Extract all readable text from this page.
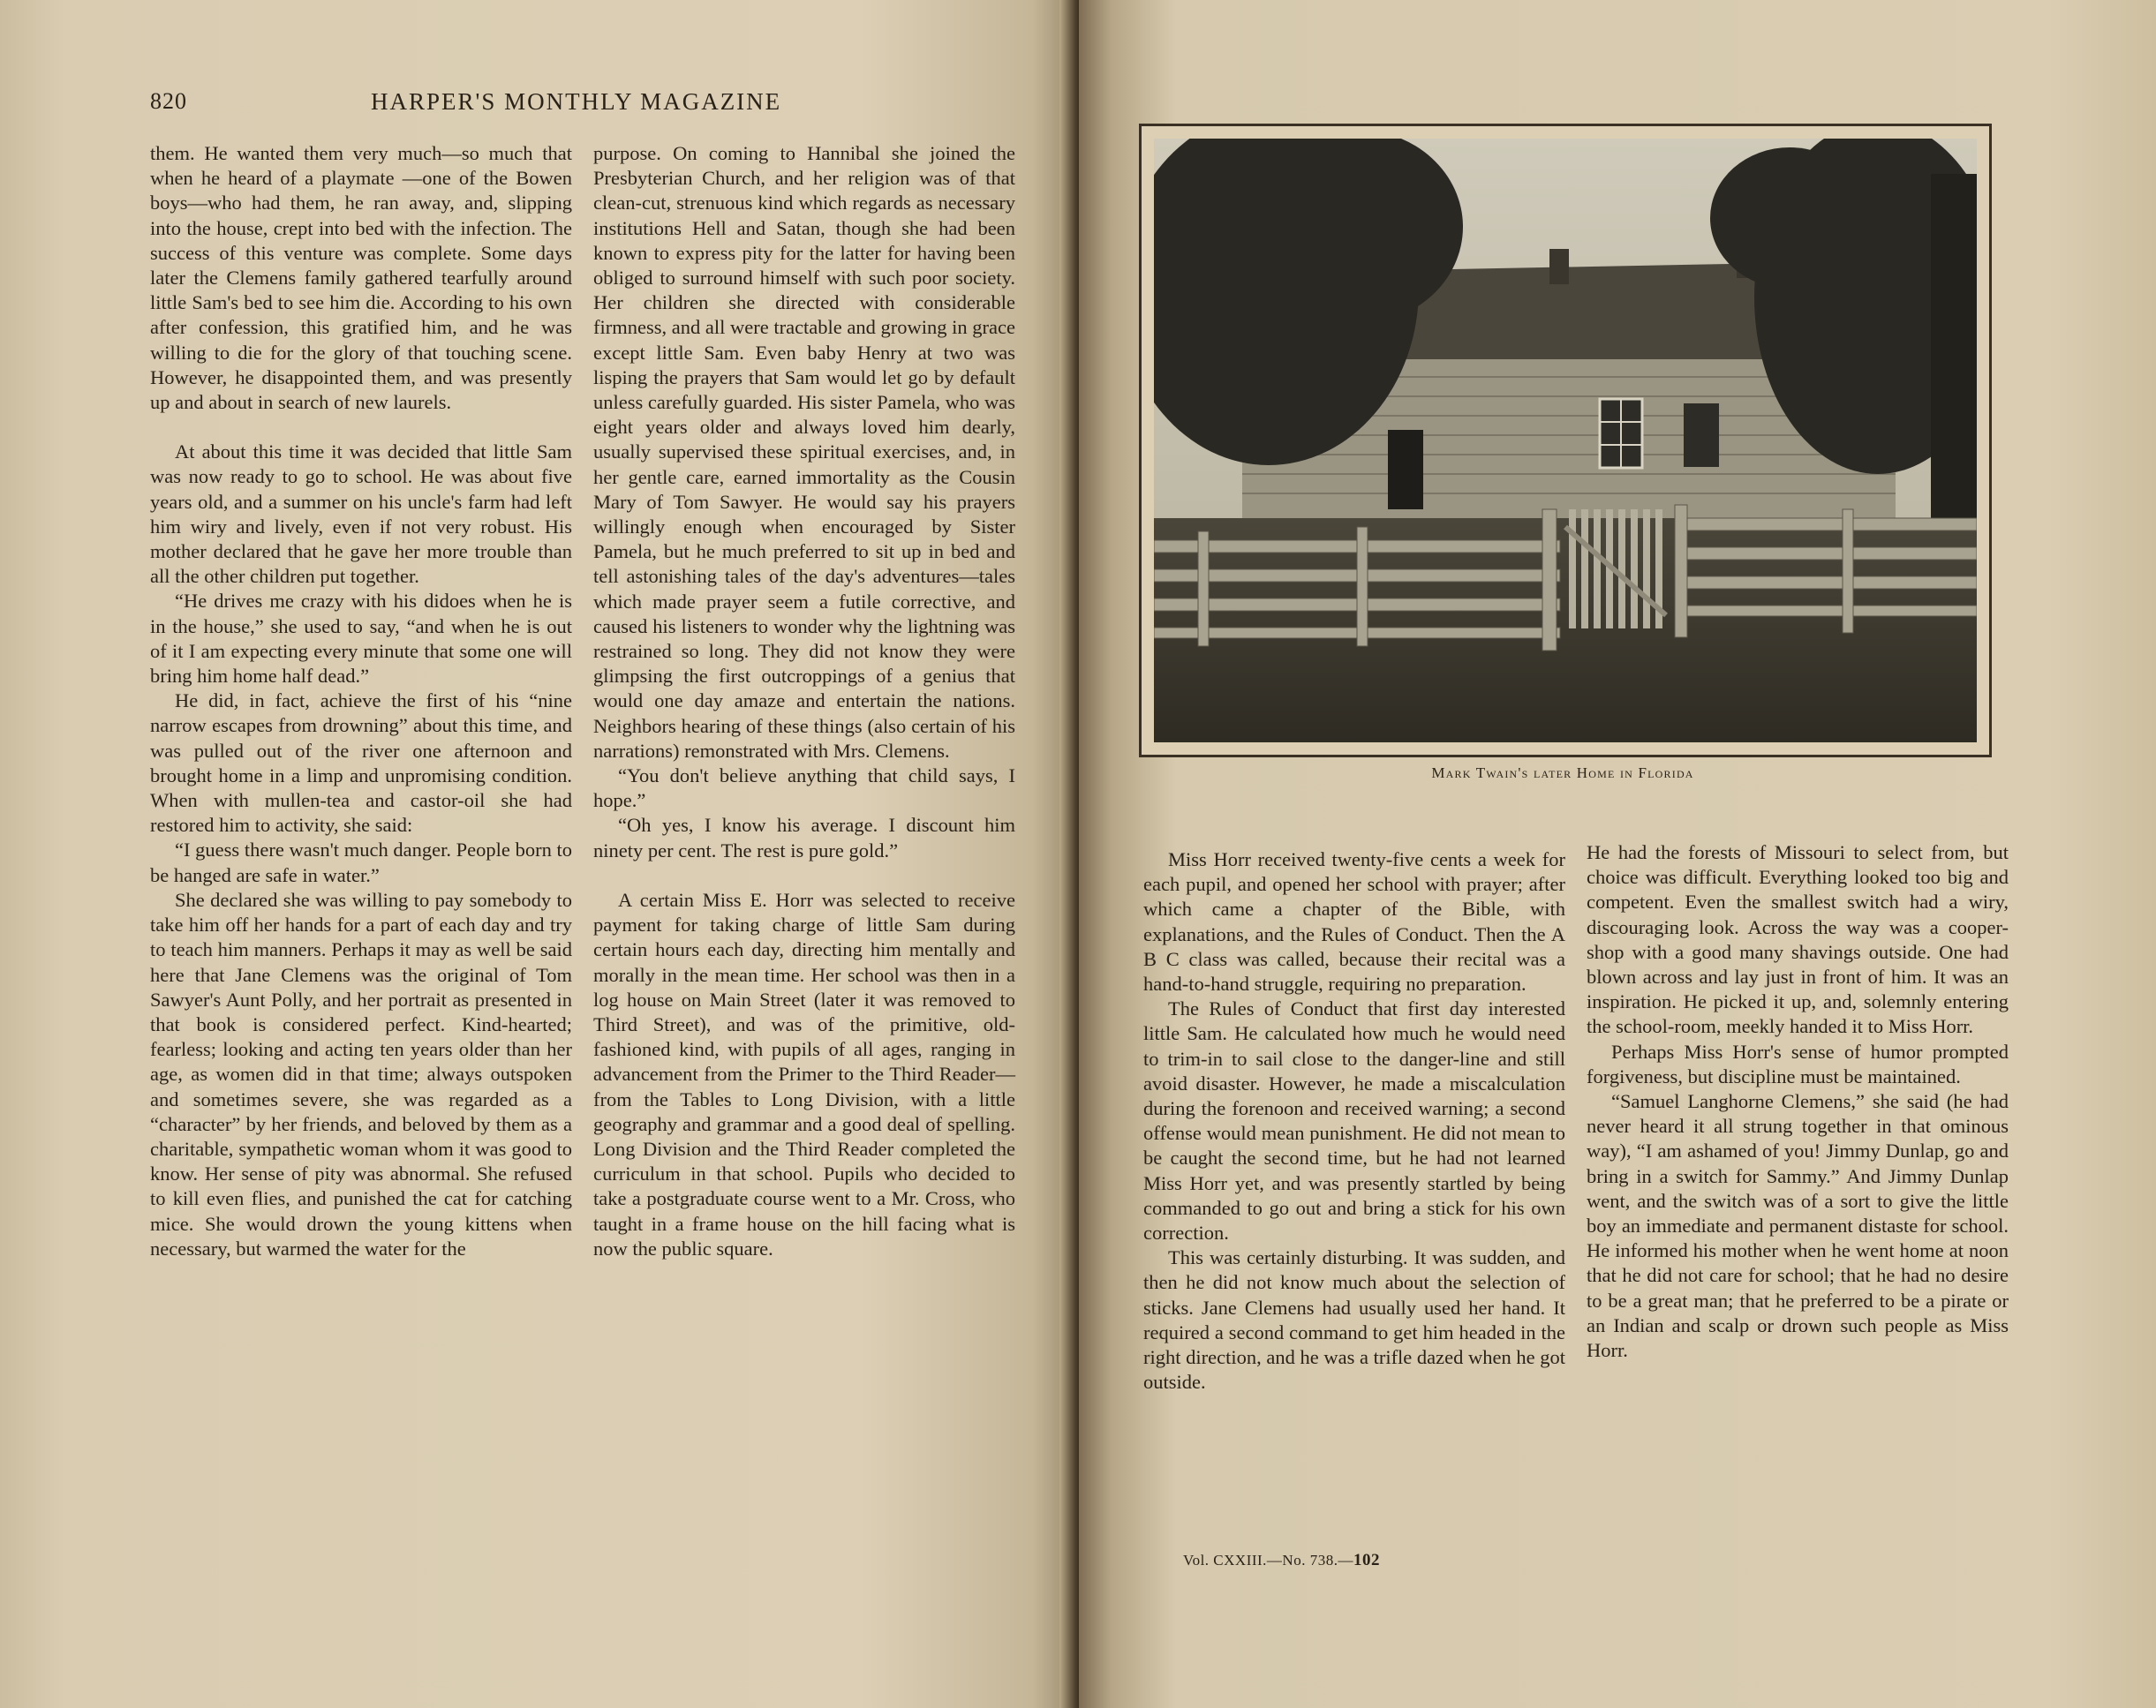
820	HARPER'S MONTHLY MAGAZINE

them. He wanted them very much—so much that when he heard of a playmate —one of the Bowen boys—who had them, he ran away, and, slipping into the house, crept into bed with the infection. The success of this venture was complete. Some days later the Clemens family gathered tearfully around little Sam's bed to see him die. According to his own after confession, this gratified him, and he was willing to die for the glory of that touching scene. However, he disappointed them, and was presently up and about in search of new laurels.

At about this time it was decided that little Sam was now ready to go to school. He was about five years old, and a summer on his uncle's farm had left him wiry and lively, even if not very robust. His mother declared that he gave her more trouble than all the other children put together.

“He drives me crazy with his didoes when he is in the house,” she used to say, “and when he is out of it I am expecting every minute that some one will bring him home half dead.”

He did, in fact, achieve the first of his “nine narrow escapes from drowning” about this time, and was pulled out of the river one afternoon and brought home in a limp and unpromising condition. When with mullen-tea and castor-oil she had restored him to activity, she said:

“I guess there wasn't much danger. People born to be hanged are safe in water.”

She declared she was willing to pay somebody to take him off her hands for a part of each day and try to teach him manners. Perhaps it may as well be said here that Jane Clemens was the original of Tom Sawyer's Aunt Polly, and her portrait as presented in that book is considered perfect. Kind-hearted; fearless; looking and acting ten years older than her age, as women did in that time; always outspoken and sometimes severe, she was regarded as a “character” by her friends, and beloved by them as a charitable, sympathetic woman whom it was good to know. Her sense of pity was abnormal. She refused to kill even flies, and punished the cat for catching mice. She would drown the young kittens when necessary, but warmed the water for the

purpose. On coming to Hannibal she joined the Presbyterian Church, and her religion was of that clean-cut, strenuous kind which regards as necessary institutions Hell and Satan, though she had been known to express pity for the latter for having been obliged to surround himself with such poor society. Her children she directed with considerable firmness, and all were tractable and growing in grace except little Sam. Even baby Henry at two was lisping the prayers that Sam would let go by default unless carefully guarded. His sister Pamela, who was eight years older and always loved him dearly, usually supervised these spiritual exercises, and, in her gentle care, earned immortality as the Cousin Mary of Tom Sawyer. He would say his prayers willingly enough when encouraged by Sister Pamela, but he much preferred to sit up in bed and tell astonishing tales of the day's adventures—tales which made prayer seem a futile corrective, and caused his listeners to wonder why the lightning was restrained so long. They did not know they were glimpsing the first outcroppings of a genius that would one day amaze and entertain the nations. Neighbors hearing of these things (also certain of his narrations) remonstrated with Mrs. Clemens.

“You don't believe anything that child says, I hope.”

“Oh yes, I know his average. I discount him ninety per cent. The rest is pure gold.”

A certain Miss E. Horr was selected to receive payment for taking charge of little Sam during certain hours each day, directing him mentally and morally in the mean time. Her school was then in a log house on Main Street (later it was removed to Third Street), and was of the primitive, old-fashioned kind, with pupils of all ages, ranging in advancement from the Primer to the Third Reader—from the Tables to Long Division, with a little geography and grammar and a good deal of spelling. Long Division and the Third Reader completed the curriculum in that school. Pupils who decided to take a postgraduate course went to a Mr. Cross, who taught in a frame house on the hill facing what is now the public square.

Mark Twain's later Home in Florida

Miss Horr received twenty-five cents a week for each pupil, and opened her school with prayer; after which came a chapter of the Bible, with explanations, and the Rules of Conduct. Then the A B C class was called, because their recital was a hand-to-hand struggle, requiring no preparation.

The Rules of Conduct that first day interested little Sam. He calculated how much he would need to trim-in to sail close to the danger-line and still avoid disaster. However, he made a miscalculation during the forenoon and received warning; a second offense would mean punishment. He did not mean to be caught the second time, but he had not learned Miss Horr yet, and was presently startled by being commanded to go out and bring a stick for his own correction.

This was certainly disturbing. It was sudden, and then he did not know much about the selection of sticks. Jane Clemens had usually used her hand. It required a second command to get him headed in the right direction, and he was a trifle dazed when he got outside.

He had the forests of Missouri to select from, but choice was difficult. Everything looked too big and competent. Even the smallest switch had a wiry, discouraging look. Across the way was a cooper-shop with a good many shavings outside. One had blown across and lay just in front of him. It was an inspiration. He picked it up, and, solemnly entering the school-room, meekly handed it to Miss Horr.

Perhaps Miss Horr's sense of humor prompted forgiveness, but discipline must be maintained.

“Samuel Langhorne Clemens,” she said (he had never heard it all strung together in that ominous way), “I am ashamed of you! Jimmy Dunlap, go and bring in a switch for Sammy.” And Jimmy Dunlap went, and the switch was of a sort to give the little boy an immediate and permanent distaste for school. He informed his mother when he went home at noon that he did not care for school; that he had no desire to be a great man; that he preferred to be a pirate or an Indian and scalp or drown such people as Miss Horr.

Vol. CXXIII.—No. 738.—102
